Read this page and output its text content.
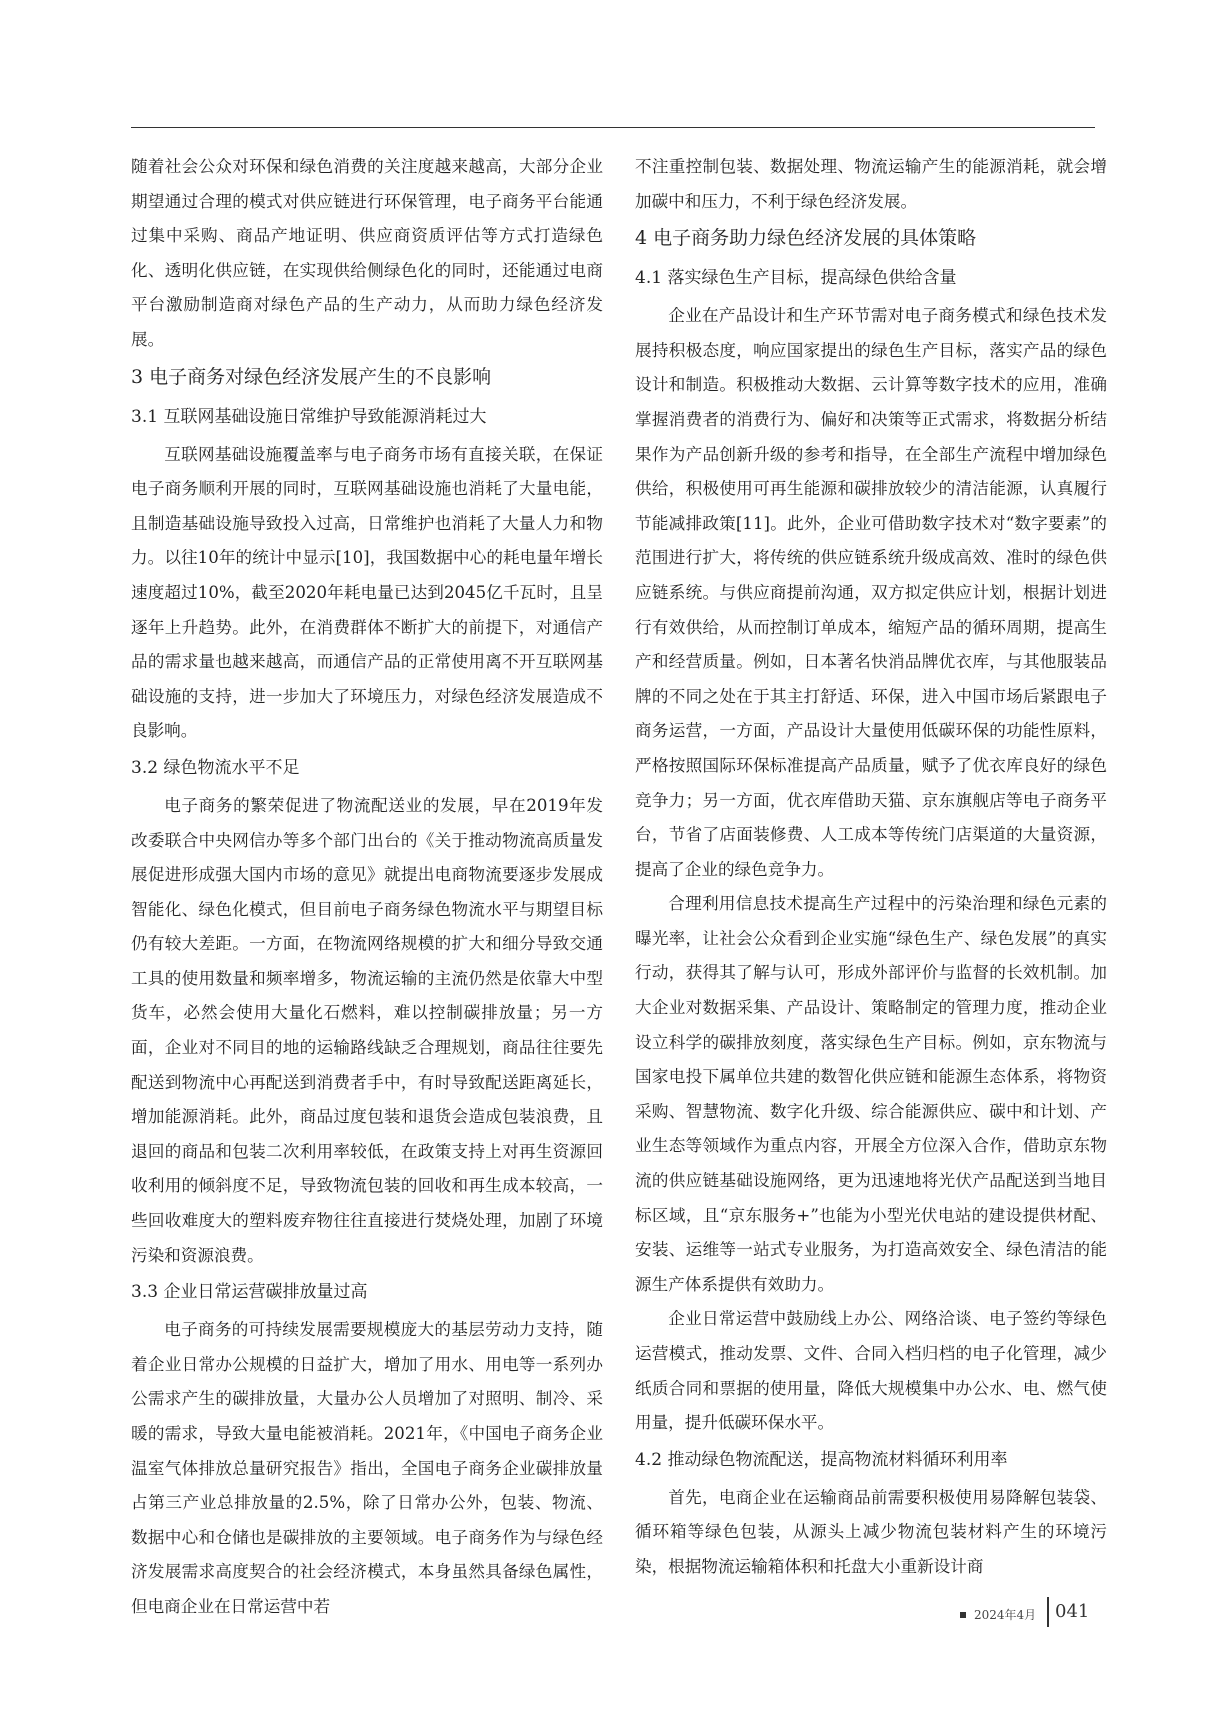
随着社会公众对环保和绿色消费的关注度越来越高，大部分企业期望通过合理的模式对供应链进行环保管理，电子商务平台能通过集中采购、商品产地证明、供应商资质评估等方式打造绿色化、透明化供应链，在实现供给侧绿色化的同时，还能通过电商平台激励制造商对绿色产品的生产动力，从而助力绿色经济发展。

3 电子商务对绿色经济发展产生的不良影响
3.1 互联网基础设施日常维护导致能源消耗过大

互联网基础设施覆盖率与电子商务市场有直接关联，在保证电子商务顺利开展的同时，互联网基础设施也消耗了大量电能，且制造基础设施导致投入过高，日常维护也消耗了大量人力和物力。以往10年的统计中显示[10]，我国数据中心的耗电量年增长速度超过10%，截至2020年耗电量已达到2045亿千瓦时，且呈逐年上升趋势。此外，在消费群体不断扩大的前提下，对通信产品的需求量也越来越高，而通信产品的正常使用离不开互联网基础设施的支持，进一步加大了环境压力，对绿色经济发展造成不良影响。

3.2 绿色物流水平不足

电子商务的繁荣促进了物流配送业的发展，早在2019年发改委联合中央网信办等多个部门出台的《关于推动物流高质量发展促进形成强大国内市场的意见》就提出电商物流要逐步发展成智能化、绿色化模式，但目前电子商务绿色物流水平与期望目标仍有较大差距。一方面，在物流网络规模的扩大和细分导致交通工具的使用数量和频率增多，物流运输的主流仍然是依靠大中型货车，必然会使用大量化石燃料，难以控制碳排放量；另一方面，企业对不同目的地的运输路线缺乏合理规划，商品往往要先配送到物流中心再配送到消费者手中，有时导致配送距离延长，增加能源消耗。此外，商品过度包装和退货会造成包装浪费，且退回的商品和包装二次利用率较低，在政策支持上对再生资源回收利用的倾斜度不足，导致物流包装的回收和再生成本较高，一些回收难度大的塑料废弃物往往直接进行焚烧处理，加剧了环境污染和资源浪费。

3.3 企业日常运营碳排放量过高

电子商务的可持续发展需要规模庞大的基层劳动力支持，随着企业日常办公规模的日益扩大，增加了用水、用电等一系列办公需求产生的碳排放量，大量办公人员增加了对照明、制冷、采暖的需求，导致大量电能被消耗。2021年，《中国电子商务企业温室气体排放总量研究报告》指出，全国电子商务企业碳排放量占第三产业总排放量的2.5%，除了日常办公外，包装、物流、数据中心和仓储也是碳排放的主要领域。电子商务作为与绿色经济发展需求高度契合的社会经济模式，本身虽然具备绿色属性，但电商企业在日常运营中若

不注重控制包装、数据处理、物流运输产生的能源消耗，就会增加碳中和压力，不利于绿色经济发展。

4 电子商务助力绿色经济发展的具体策略
4.1 落实绿色生产目标，提高绿色供给含量

企业在产品设计和生产环节需对电子商务模式和绿色技术发展持积极态度，响应国家提出的绿色生产目标，落实产品的绿色设计和制造。积极推动大数据、云计算等数字技术的应用，准确掌握消费者的消费行为、偏好和决策等正式需求，将数据分析结果作为产品创新升级的参考和指导，在全部生产流程中增加绿色供给，积极使用可再生能源和碳排放较少的清洁能源，认真履行节能减排政策[11]。此外，企业可借助数字技术对“数字要素”的范围进行扩大，将传统的供应链系统升级成高效、准时的绿色供应链系统。与供应商提前沟通，双方拟定供应计划，根据计划进行有效供给，从而控制订单成本，缩短产品的循环周期，提高生产和经营质量。例如，日本著名快消品牌优衣库，与其他服装品牌的不同之处在于其主打舒适、环保，进入中国市场后紧跟电子商务运营，一方面，产品设计大量使用低碳环保的功能性原料，严格按照国际环保标准提高产品质量，赋予了优衣库良好的绿色竞争力；另一方面，优衣库借助天猫、京东旗舰店等电子商务平台，节省了店面装修费、人工成本等传统门店渠道的大量资源，提高了企业的绿色竞争力。

合理利用信息技术提高生产过程中的污染治理和绿色元素的曝光率，让社会公众看到企业实施“绿色生产、绿色发展”的真实行动，获得其了解与认可，形成外部评价与监督的长效机制。加大企业对数据采集、产品设计、策略制定的管理力度，推动企业设立科学的碳排放刻度，落实绿色生产目标。例如，京东物流与国家电投下属单位共建的数智化供应链和能源生态体系，将物资采购、智慧物流、数字化升级、综合能源供应、碳中和计划、产业生态等领域作为重点内容，开展全方位深入合作，借助京东物流的供应链基础设施网络，更为迅速地将光伏产品配送到当地目标区域，且“京东服务+”也能为小型光伏电站的建设提供材配、安装、运维等一站式专业服务，为打造高效安全、绿色清洁的能源生产体系提供有效助力。

企业日常运营中鼓励线上办公、网络洽谈、电子签约等绿色运营模式，推动发票、文件、合同入档归档的电子化管理，减少纸质合同和票据的使用量，降低大规模集中办公水、电、燃气使用量，提升低碳环保水平。

4.2 推动绿色物流配送，提高物流材料循环利用率

首先，电商企业在运输商品前需要积极使用易降解包装袋、循环箱等绿色包装，从源头上减少物流包装材料产生的环境污染，根据物流运输箱体积和托盘大小重新设计商

2024年4月 041
